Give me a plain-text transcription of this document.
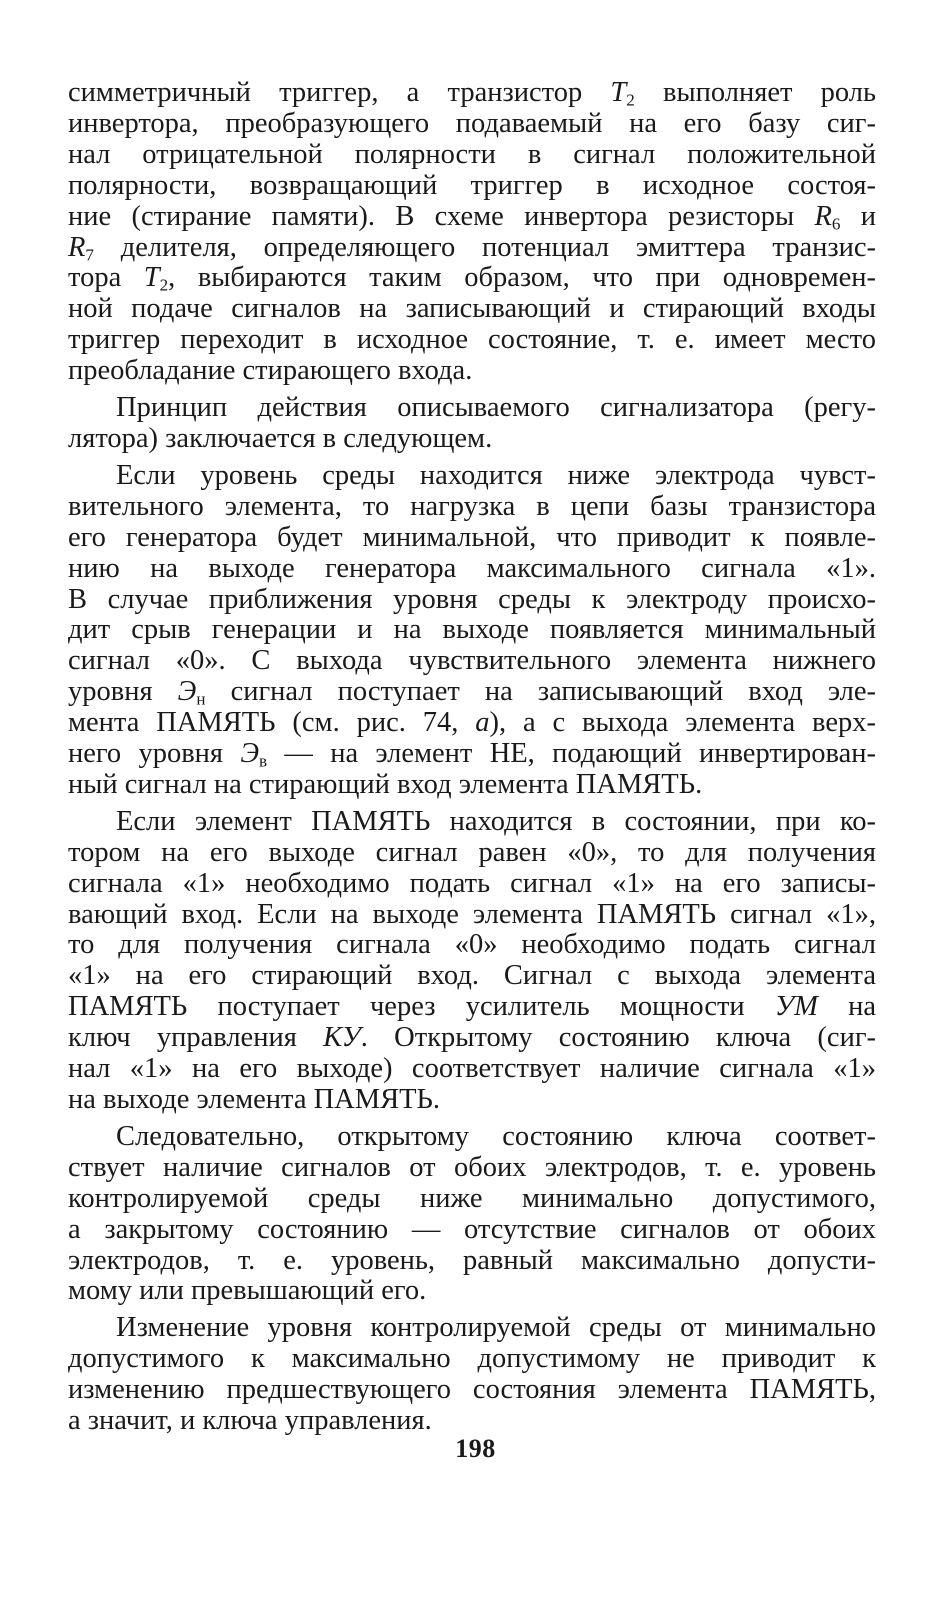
симметричный триггер, а транзистор $T_2$ выполняет роль
инвертора, преобразующего подаваемый на его базу сиг-
нал отрицательной полярности в сигнал положительной
полярности, возвращающий триггер в исходное состоя-
ние (стирание памяти). В схеме инвертора резисторы $R_6$ и
$R_7$ делителя, определяющего потенциал эмиттера транзис-
тора $T_2$, выбираются таким образом, что при одновремен-
ной подаче сигналов на записывающий и стирающий входы
триггер переходит в исходное состояние, т. е. имеет место
преобладание стирающего входа.

Принцип действия описываемого сигнализатора (регу-
лятора) заключается в следующем.

Если уровень среды находится ниже электрода чувст-
вительного элемента, то нагрузка в цепи базы транзистора
его генератора будет минимальной, что приводит к появле-
нию на выходе генератора максимального сигнала «1».
В случае приближения уровня среды к электроду происхо-
дит срыв генерации и на выходе появляется минимальный
сигнал «0». С выхода чувствительного элемента нижнего
уровня $Э_н$ сигнал поступает на записывающий вход эле-
мента ПАМЯТЬ (см. рис. 74, а), а с выхода элемента верх-
него уровня $Э_в$ — на элемент НЕ, подающий инвертирован-
ный сигнал на стирающий вход элемента ПАМЯТЬ.

Если элемент ПАМЯТЬ находится в состоянии, при ко-
тором на его выходе сигнал равен «0», то для получения
сигнала «1» необходимо подать сигнал «1» на его записы-
вающий вход. Если на выходе элемента ПАМЯТЬ сигнал «1»,
то для получения сигнала «0» необходимо подать сигнал
«1» на его стирающий вход. Сигнал с выхода элемента
ПАМЯТЬ поступает через усилитель мощности УМ на
ключ управления КУ. Открытому состоянию ключа (сиг-
нал «1» на его выходе) соответствует наличие сигнала «1»
на выходе элемента ПАМЯТЬ.

Следовательно, открытому состоянию ключа соответ-
ствует наличие сигналов от обоих электродов, т. е. уровень
контролируемой среды ниже минимально допустимого,
а закрытому состоянию — отсутствие сигналов от обоих
электродов, т. е. уровень, равный максимально допусти-
мому или превышающий его.

Изменение уровня контролируемой среды от минимально
допустимого к максимально допустимому не приводит к
изменению предшествующего состояния элемента ПАМЯТЬ,
а значит, и ключа управления.

198
